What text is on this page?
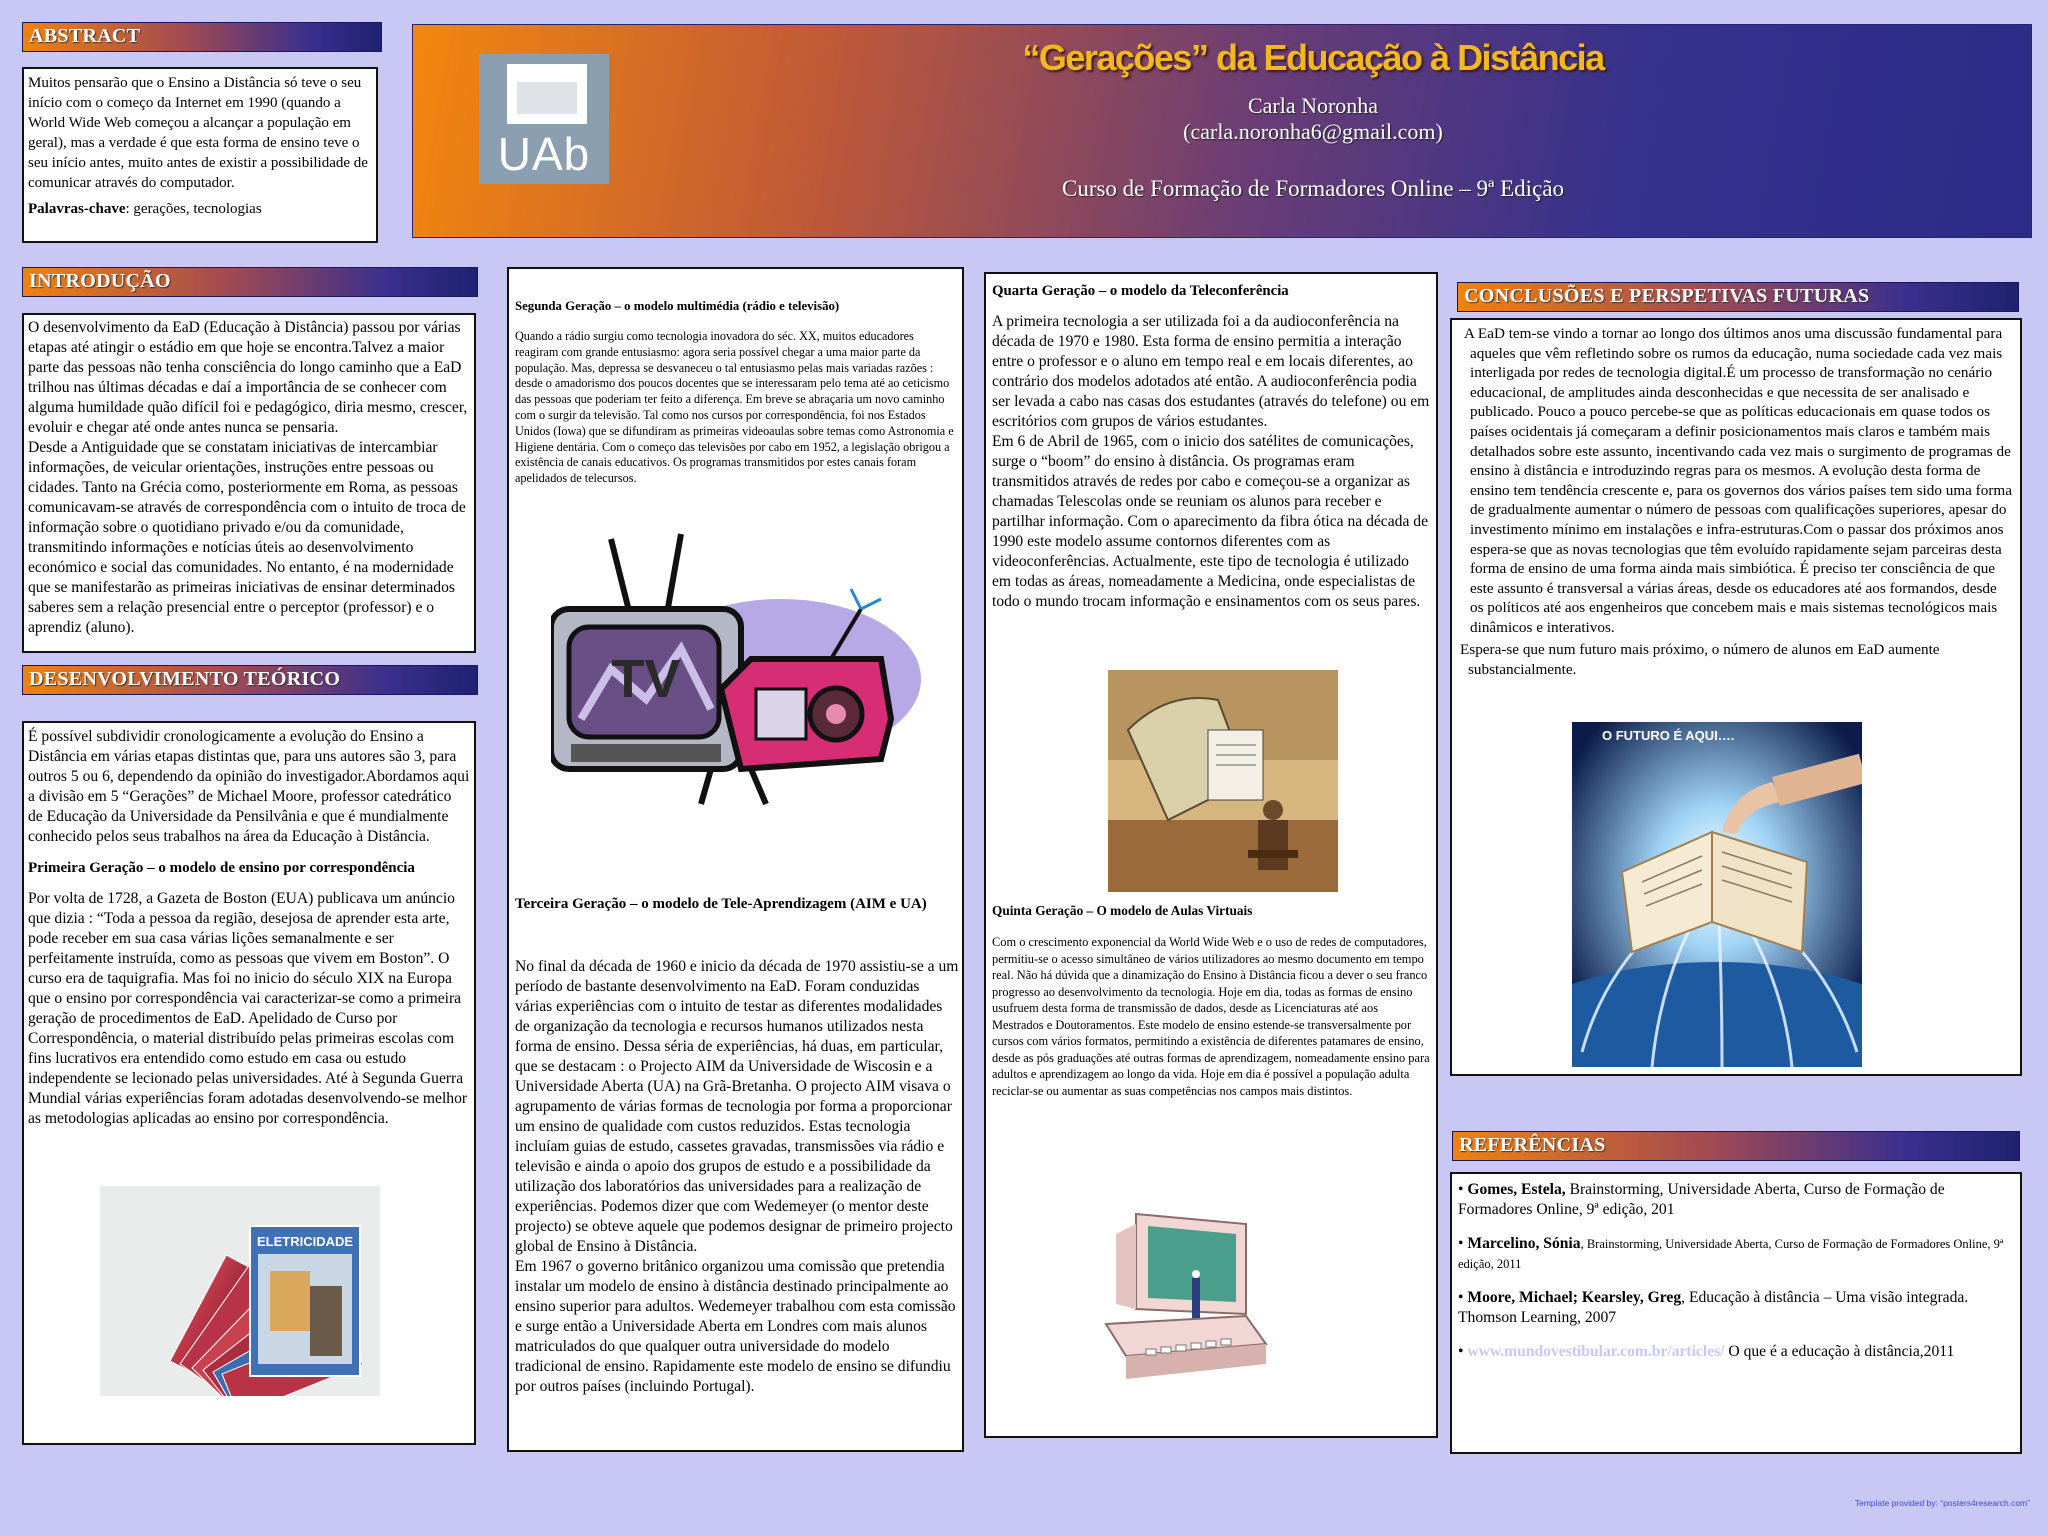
ABSTRACT

Muitos pensarão que o Ensino a Distância só teve o seu início com o começo da Internet em 1990 (quando a World Wide Web começou a alcançar a população em geral), mas a verdade é que esta forma de ensino teve o seu início antes, muito antes de existir a possibilidade de comunicar através do computador.

Palavras-chave: gerações, tecnologias

UAb
“Gerações” da Educação à Distância
Carla Noronha
(carla.noronha6@gmail.com)
Curso de Formação de Formadores Online – 9ª Edição
INTRODUÇÃO

O desenvolvimento da EaD (Educação à Distância) passou por várias etapas até atingir o estádio em que hoje se encontra.Talvez a maior parte das pessoas não tenha consciência do longo caminho que a EaD trilhou nas últimas décadas e daí a importância de se conhecer com alguma humildade quão difícil foi e pedagógico, diria mesmo, crescer, evoluir e chegar até onde antes nunca se pensaria.

Desde a Antiguidade que se constatam iniciativas de intercambiar informações, de veicular orientações, instruções entre pessoas ou cidades. Tanto na Grécia como, posteriormente em Roma, as pessoas comunicavam-se através de correspondência com o intuito de troca de informação sobre o quotidiano privado e/ou da comunidade, transmitindo informações e notícias úteis ao desenvolvimento económico e social das comunidades. No entanto, é na modernidade que se manifestarão as primeiras iniciativas de ensinar determinados saberes sem a relação presencial entre o perceptor (professor) e o aprendiz (aluno).

DESENVOLVIMENTO TEÓRICO

É possível subdividir cronologicamente a evolução do Ensino a Distância em várias etapas distintas que, para uns autores são 3, para outros 5 ou 6, dependendo da opinião do investigador.Abordamos aqui a divisão em 5 “Gerações” de Michael Moore, professor catedrático de Educação da Universidade da Pensilvânia e que é mundialmente conhecido pelos seus trabalhos na área da Educação à Distância.

Primeira Geração – o modelo de ensino por correspondência

Por volta de 1728, a Gazeta de Boston (EUA) publicava um anúncio que dizia : “Toda a pessoa da região, desejosa de aprender esta arte, pode receber em sua casa várias lições semanalmente e ser perfeitamente instruída, como as pessoas que vivem em Boston”. O curso era de taquigrafia. Mas foi no inicio do século XIX na Europa que o ensino por correspondência vai caracterizar-se como a primeira geração de procedimentos de EaD. Apelidado de Curso por Correspondência, o material distribuído pelas primeiras escolas com fins lucrativos era entendido como estudo em casa ou estudo independente se lecionado pelas universidades. Até à Segunda Guerra Mundial várias experiências foram adotadas desenvolvendo-se melhor as metodologias aplicadas ao ensino por correspondência.

ELETRICIDADE

Segunda Geração – o modelo multimédia (rádio e televisão)

Quando a rádio surgiu como tecnologia inovadora do séc. XX, muitos educadores reagiram com grande entusiasmo: agora seria possível chegar a uma maior parte da população. Mas, depressa se desvaneceu o tal entusiasmo pelas mais variadas razões : desde o amadorismo dos poucos docentes que se interessaram pelo tema até ao ceticismo das pessoas que poderiam ter feito a diferença. Em breve se abraçaria um novo caminho com o surgir da televisão. Tal como nos cursos por correspondência, foi nos Estados Unidos (Iowa) que se difundiram as primeiras videoaulas sobre temas como Astronomia e Higiene dentária. Com o começo das televisões por cabo em 1952, a legislação obrigou a existência de canais educativos. Os programas transmitidos por estes canais foram apelidados de telecursos.

TV

Terceira Geração – o modelo de Tele-Aprendizagem (AIM e UA)

No final da década de 1960 e inicio da década de 1970 assistiu-se a um período de bastante desenvolvimento na EaD. Foram conduzidas várias experiências com o intuito de testar as diferentes modalidades de organização da tecnologia e recursos humanos utilizados nesta forma de ensino. Dessa séria de experiências, há duas, em particular, que se destacam : o Projecto AIM da Universidade de Wiscosin e a Universidade Aberta (UA) na Grã-Bretanha. O projecto AIM visava o agrupamento de várias formas de tecnologia por forma a proporcionar um ensino de qualidade com custos reduzidos. Estas tecnologia incluíam guias de estudo, cassetes gravadas, transmissões via rádio e televisão e ainda o apoio dos grupos de estudo e a possibilidade da utilização dos laboratórios das universidades para a realização de experiências. Podemos dizer que com Wedemeyer (o mentor deste projecto) se obteve aquele que podemos designar de primeiro projecto global de Ensino à Distância.

Em 1967 o governo britânico organizou uma comissão que pretendia instalar um modelo de ensino à distância destinado principalmente ao ensino superior para adultos. Wedemeyer trabalhou com esta comissão e surge então a Universidade Aberta em Londres com mais alunos matriculados do que qualquer outra universidade do modelo tradicional de ensino. Rapidamente este modelo de ensino se difundiu por outros países (incluindo Portugal).

Quarta Geração – o modelo da Teleconferência

A primeira tecnologia a ser utilizada foi a da audioconferência na década de 1970 e 1980. Esta forma de ensino permitia a interação entre o professor e o aluno em tempo real e em locais diferentes, ao contrário dos modelos adotados até então. A audioconferência podia ser levada a cabo nas casas dos estudantes (através do telefone) ou em escritórios com grupos de vários estudantes.

Em 6 de Abril de 1965, com o inicio dos satélites de comunicações, surge o “boom” do ensino à distância. Os programas eram transmitidos através de redes por cabo e começou-se a organizar as chamadas Telescolas onde se reuniam os alunos para receber e partilhar informação. Com o aparecimento da fibra ótica na década de 1990 este modelo assume contornos diferentes com as videoconferências. Actualmente, este tipo de tecnologia é utilizado em todas as áreas, nomeadamente a Medicina, onde especialistas de todo o mundo trocam informação e ensinamentos com os seus pares.

Quinta Geração – O modelo de Aulas Virtuais

Com o crescimento exponencial da World Wide Web e o uso de redes de computadores, permitiu-se o acesso simultâneo de vários utilizadores ao mesmo documento em tempo real. Não há dúvida que a dinamização do Ensino à Distância ficou a dever o seu franco progresso ao desenvolvimento da tecnologia. Hoje em dia, todas as formas de ensino usufruem desta forma de transmissão de dados, desde as Licenciaturas até aos Mestrados e Doutoramentos. Este modelo de ensino estende-se transversalmente por cursos com vários formatos, permitindo a existência de diferentes patamares de ensino, desde as pós graduações até outras formas de aprendizagem, nomeadamente ensino para adultos e aprendizagem ao longo da vida. Hoje em dia é possível a população adulta reciclar-se ou aumentar as suas competências nos campos mais distintos.

CONCLUSÕES E PERSPETIVAS FUTURAS

A EaD tem-se vindo a tornar ao longo dos últimos anos uma discussão fundamental para aqueles que vêm refletindo sobre os rumos da educação, numa sociedade cada vez mais interligada por redes de tecnologia digital.É um processo de transformação no cenário educacional, de amplitudes ainda desconhecidas e que necessita de ser analisado e publicado. Pouco a pouco percebe-se que as políticas educacionais em quase todos os países ocidentais já começaram a definir posicionamentos mais claros e também mais detalhados sobre este assunto, incentivando cada vez mais o surgimento de programas de ensino à distância e introduzindo regras para os mesmos. A evolução desta forma de ensino tem tendência crescente e, para os governos dos vários países tem sido uma forma de gradualmente aumentar o número de pessoas com qualificações superiores, apesar do investimento mínimo em instalações e infra-estruturas.Com o passar dos próximos anos espera-se que as novas tecnologias que têm evoluído rapidamente sejam parceiras desta forma de ensino de uma forma ainda mais simbiótica. É preciso ter consciência de que este assunto é transversal a várias áreas, desde os educadores até aos formandos, desde os políticos até aos engenheiros que concebem mais e mais sistemas tecnológicos mais dinâmicos e interativos.

Espera-se que num futuro mais próximo, o número de alunos em EaD aumente substancialmente.

O FUTURO É AQUI….
REFERÊNCIAS
• Gomes, Estela, Brainstorming, Universidade Aberta, Curso de Formação de Formadores Online, 9ª edição, 201
• Marcelino, Sónia, Brainstorming, Universidade Aberta, Curso de Formação de Formadores Online, 9ª edição, 2011
• Moore, Michael; Kearsley, Greg, Educação à distância – Uma visão integrada. Thomson Learning, 2007
• www.mundovestibular.com.br/articles/ O que é a educação à distância,2011
Template provided by: “posters4research.com”
